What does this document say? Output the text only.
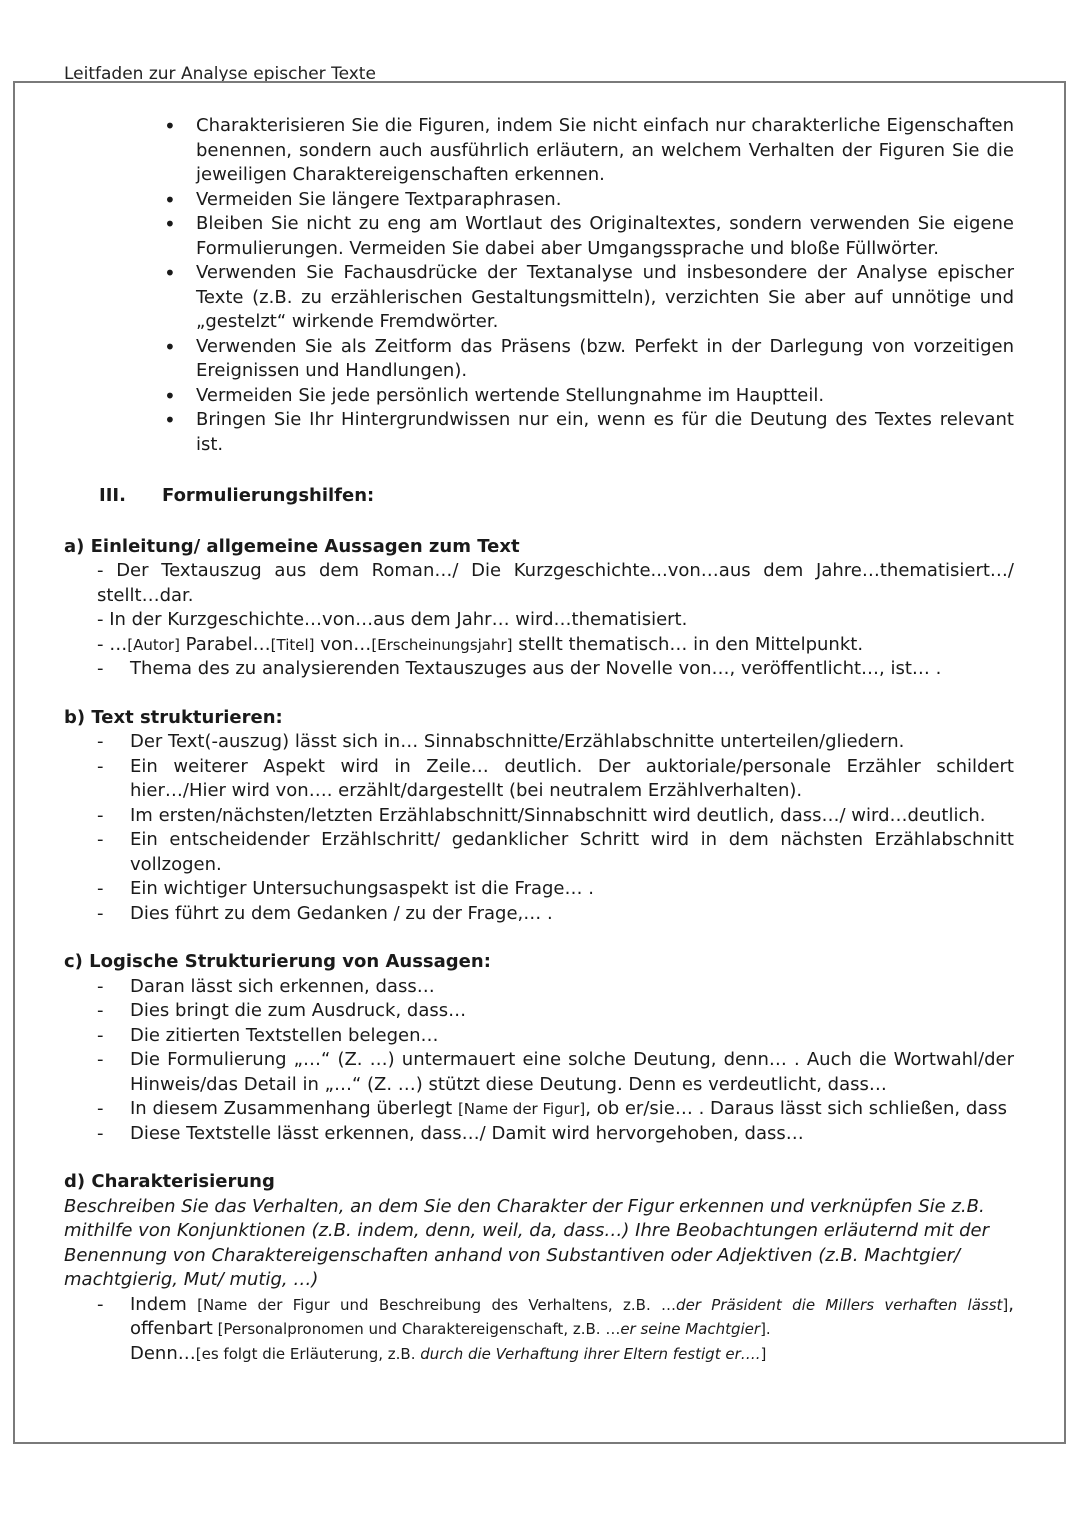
Leitfaden zur Analyse epischer Texte
• Charakterisieren Sie die Figuren, indem Sie nicht einfach nur charakterliche Eigenschaften benennen, sondern auch ausführlich erläutern, an welchem Verhalten der Figuren Sie die jeweiligen Charaktereigenschaften erkennen.
• Vermeiden Sie längere Textparaphrasen.
• Bleiben Sie nicht zu eng am Wortlaut des Originaltextes, sondern verwenden Sie eigene Formulierungen. Vermeiden Sie dabei aber Umgangssprache und bloße Füllwörter.
• Verwenden Sie Fachausdrücke der Textanalyse und insbesondere der Analyse epischer Texte (z.B. zu erzählerischen Gestaltungsmitteln), verzichten Sie aber auf unnötige und „gestelzt“ wirkende Fremdwörter.
• Verwenden Sie als Zeitform das Präsens (bzw. Perfekt in der Darlegung von vorzeitigen Ereignissen und Handlungen).
• Vermeiden Sie jede persönlich wertende Stellungnahme im Hauptteil.
• Bringen Sie Ihr Hintergrundwissen nur ein, wenn es für die Deutung des Textes relevant ist.
III. Formulierungshilfen:
a) Einleitung/ allgemeine Aussagen zum Text
- Der Textauszug aus dem Roman…/ Die Kurzgeschichte...von…aus dem Jahre…thematisiert…/ stellt…dar.
- In der Kurzgeschichte…von…aus dem Jahr… wird…thematisiert.
- …[Autor] Parabel…[Titel] von…[Erscheinungsjahr] stellt thematisch… in den Mittelpunkt.
- Thema des zu analysierenden Textauszuges aus der Novelle von…, veröffentlicht…, ist… .
b) Text strukturieren:
- Der Text(-auszug) lässt sich in… Sinnabschnitte/Erzählabschnitte unterteilen/gliedern.
- Ein weiterer Aspekt wird in Zeile… deutlich. Der auktoriale/personale Erzähler schildert hier…/Hier wird von…. erzählt/dargestellt (bei neutralem Erzählverhalten).
- Im ersten/nächsten/letzten Erzählabschnitt/Sinnabschnitt wird deutlich, dass…/ wird…deutlich.
- Ein entscheidender Erzählschritt/ gedanklicher Schritt wird in dem nächsten Erzählabschnitt vollzogen.
- Ein wichtiger Untersuchungsaspekt ist die Frage… .
- Dies führt zu dem Gedanken / zu der Frage,… .
c) Logische Strukturierung von Aussagen:
- Daran lässt sich erkennen, dass…
- Dies bringt die zum Ausdruck, dass…
- Die zitierten Textstellen belegen…
- Die Formulierung „…“ (Z. …) untermauert eine solche Deutung, denn… . Auch die Wortwahl/der Hinweis/das Detail in „…“ (Z. …) stützt diese Deutung. Denn es verdeutlicht, dass…
- In diesem Zusammenhang überlegt [Name der Figur], ob er/sie… . Daraus lässt sich schließen, dass
- Diese Textstelle lässt erkennen, dass…/ Damit wird hervorgehoben, dass…
d) Charakterisierung
Beschreiben Sie das Verhalten, an dem Sie den Charakter der Figur erkennen und verknüpfen Sie z.B. mithilfe von Konjunktionen (z.B. indem, denn, weil, da, dass…) Ihre Beobachtungen erläuternd mit der Benennung von Charaktereigenschaften anhand von Substantiven oder Adjektiven (z.B. Machtgier/ machtgierig, Mut/ mutig, …)
- Indem [Name der Figur und Beschreibung des Verhaltens, z.B. …der Präsident die Millers verhaften lässt], offenbart [Personalpronomen und Charaktereigenschaft, z.B. …er seine Machtgier].
Denn…[es folgt die Erläuterung, z.B. durch die Verhaftung ihrer Eltern festigt er….]
